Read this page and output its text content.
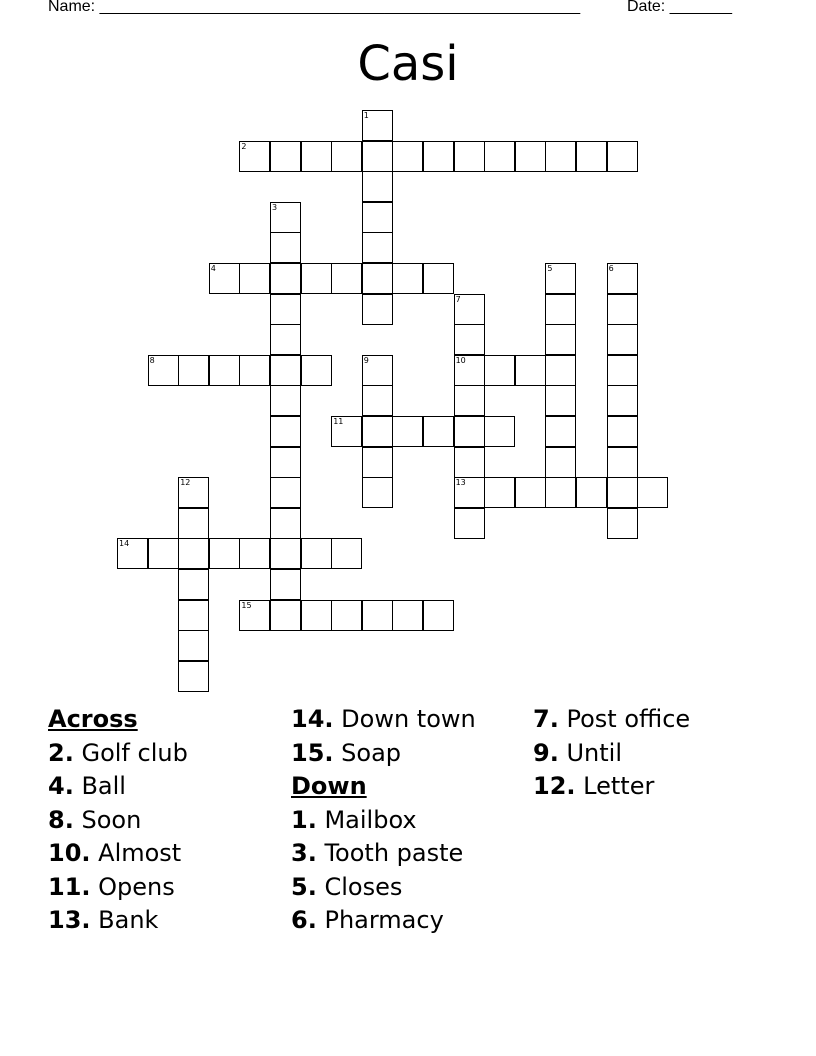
Name: ______________________________________________________	Date: _______
Casi
1
2
3
4	5	6
7
8	9	10
11
12	13
14
15
Across
2. Golf club
4. Ball
8. Soon
10. Almost
11. Opens
13. Bank
14. Down town
15. Soap
Down
1. Mailbox
3. Tooth paste
5. Closes
6. Pharmacy
7. Post office
9. Until
12. Letter
